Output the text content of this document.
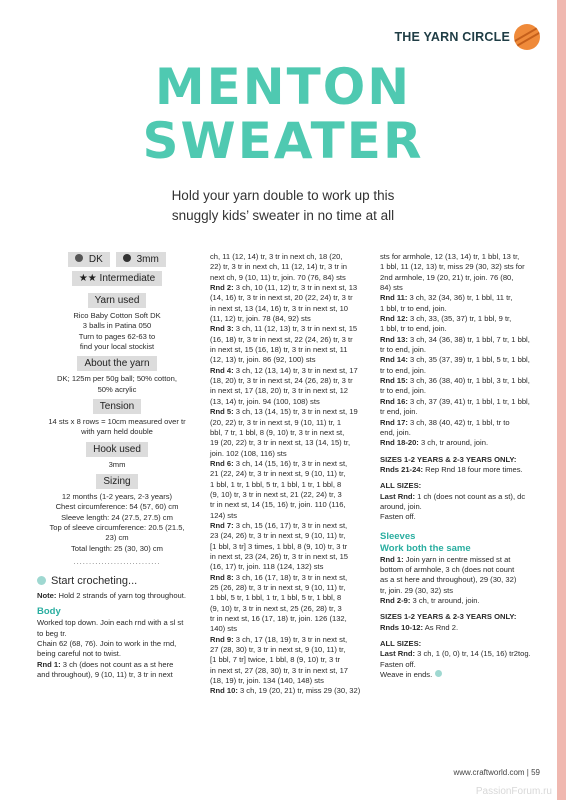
THE YARN CIRCLE
MENTON
SWEATER
Hold your yarn double to work up this
snuggly kids’ sweater in no time at all
DK	3mm
★★ Intermediate
Yarn used
Rico Baby Cotton Soft DK
3 balls in Patina 050
Turn to pages 62-63 to
find your local stockist
About the yarn
DK; 125m per 50g ball; 50% cotton,
50% acrylic
Tension
14 sts x 8 rows = 10cm measured over tr
with yarn held double
Hook used
3mm
Sizing
12 months (1-2 years, 2-3 years)
Chest circumference: 54 (57, 60) cm
Sleeve length: 24 (27.5, 27.5) cm
Top of sleeve circumference: 20.5 (21.5,
23) cm
Total length: 25 (30, 30) cm
............................
Start crocheting...

Note: Hold 2 strands of yarn tog throughout.

Body

Worked top down. Join each rnd with a sl st

to beg tr.

Chain 62 (68, 76). Join to work in the rnd,

being careful not to twist.

Rnd 1: 3 ch (does not count as a st here

and throughout), 9 (10, 11) tr, 3 tr in next

ch, 11 (12, 14) tr, 3 tr in next ch, 18 (20,

22) tr, 3 tr in next ch, 11 (12, 14) tr, 3 tr in

next ch, 9 (10, 11) tr, join. 70 (76, 84) sts

Rnd 2: 3 ch, 10 (11, 12) tr, 3 tr in next st, 13

(14, 16) tr, 3 tr in next st, 20 (22, 24) tr, 3 tr

in next st, 13 (14, 16) tr, 3 tr in next st, 10

(11, 12) tr, join. 78 (84, 92) sts

Rnd 3: 3 ch, 11 (12, 13) tr, 3 tr in next st, 15

(16, 18) tr, 3 tr in next st, 22 (24, 26) tr, 3 tr

in next st, 15 (16, 18) tr, 3 tr in next st, 11

(12, 13) tr, join. 86 (92, 100) sts

Rnd 4: 3 ch, 12 (13, 14) tr, 3 tr in next st, 17

(18, 20) tr, 3 tr in next st, 24 (26, 28) tr, 3 tr

in next st, 17 (18, 20) tr, 3 tr in next st, 12

(13, 14) tr, join. 94 (100, 108) sts

Rnd 5: 3 ch, 13 (14, 15) tr, 3 tr in next st, 19

(20, 22) tr, 3 tr in next st, 9 (10, 11) tr, 1

bbl, 7 tr, 1 bbl, 8 (9, 10) tr, 3 tr in next st,

19 (20, 22) tr, 3 tr in next st, 13 (14, 15) tr,

join. 102 (108, 116) sts

Rnd 6: 3 ch, 14 (15, 16) tr, 3 tr in next st,

21 (22, 24) tr, 3 tr in next st, 9 (10, 11) tr,

1 bbl, 1 tr, 1 bbl, 5 tr, 1 bbl, 1 tr, 1 bbl, 8

(9, 10) tr, 3 tr in next st, 21 (22, 24) tr, 3

tr in next st, 14 (15, 16) tr, join. 110 (116,

124) sts

Rnd 7: 3 ch, 15 (16, 17) tr, 3 tr in next st,

23 (24, 26) tr, 3 tr in next st, 9 (10, 11) tr,

[1 bbl, 3 tr] 3 times, 1 bbl, 8 (9, 10) tr, 3 tr

in next st, 23 (24, 26) tr, 3 tr in next st, 15

(16, 17) tr, join. 118 (124, 132) sts

Rnd 8: 3 ch, 16 (17, 18) tr, 3 tr in next st,

25 (26, 28) tr, 3 tr in next st, 9 (10, 11) tr,

1 bbl, 5 tr, 1 bbl, 1 tr, 1 bbl, 5 tr, 1 bbl, 8

(9, 10) tr, 3 tr in next st, 25 (26, 28) tr, 3

tr in next st, 16 (17, 18) tr, join. 126 (132,

140) sts

Rnd 9: 3 ch, 17 (18, 19) tr, 3 tr in next st,

27 (28, 30) tr, 3 tr in next st, 9 (10, 11) tr,

[1 bbl, 7 tr] twice, 1 bbl, 8 (9, 10) tr, 3 tr

in next st, 27 (28, 30) tr, 3 tr in next st, 17

(18, 19) tr, join. 134 (140, 148) sts

Rnd 10: 3 ch, 19 (20, 21) tr, miss 29 (30, 32)

sts for armhole, 12 (13, 14) tr, 1 bbl, 13 tr,

1 bbl, 11 (12, 13) tr, miss 29 (30, 32) sts for

2nd armhole, 19 (20, 21) tr, join. 76 (80,

84) sts

Rnd 11: 3 ch, 32 (34, 36) tr, 1 bbl, 11 tr,

1 bbl, tr to end, join.

Rnd 12: 3 ch, 33, (35, 37) tr, 1 bbl, 9 tr,

1 bbl, tr to end, join.

Rnd 13: 3 ch, 34 (36, 38) tr, 1 bbl, 7 tr, 1 bbl,

tr to end, join.

Rnd 14: 3 ch, 35 (37, 39) tr, 1 bbl, 5 tr, 1 bbl,

tr to end, join.

Rnd 15: 3 ch, 36 (38, 40) tr, 1 bbl, 3 tr, 1 bbl,

tr to end, join.

Rnd 16: 3 ch, 37 (39, 41) tr, 1 bbl, 1 tr, 1 bbl,

tr end, join.

Rnd 17: 3 ch, 38 (40, 42) tr, 1 bbl, tr to

end, join.

Rnd 18-20: 3 ch, tr around, join.

SIZES 1-2 YEARS & 2-3 YEARS ONLY:

Rnds 21-24: Rep Rnd 18 four more times.

ALL SIZES:

Last Rnd: 1 ch (does not count as a st), dc

around, join.

Fasten off.

Sleeves
Work both the same

Rnd 1: Join yarn in centre missed st at

bottom of armhole, 3 ch (does not count

as a st here and throughout), 29 (30, 32)

tr, join. 29 (30, 32) sts

Rnd 2-9: 3 ch, tr around, join.

SIZES 1-2 YEARS & 2-3 YEARS ONLY:

Rnds 10-12: As Rnd 2.

ALL SIZES:

Last Rnd: 3 ch, 1 (0, 0) tr, 14 (15, 16) tr2tog.

Fasten off.

Weave in ends.

www.craftworld.com | 59
PassionForum.ru
